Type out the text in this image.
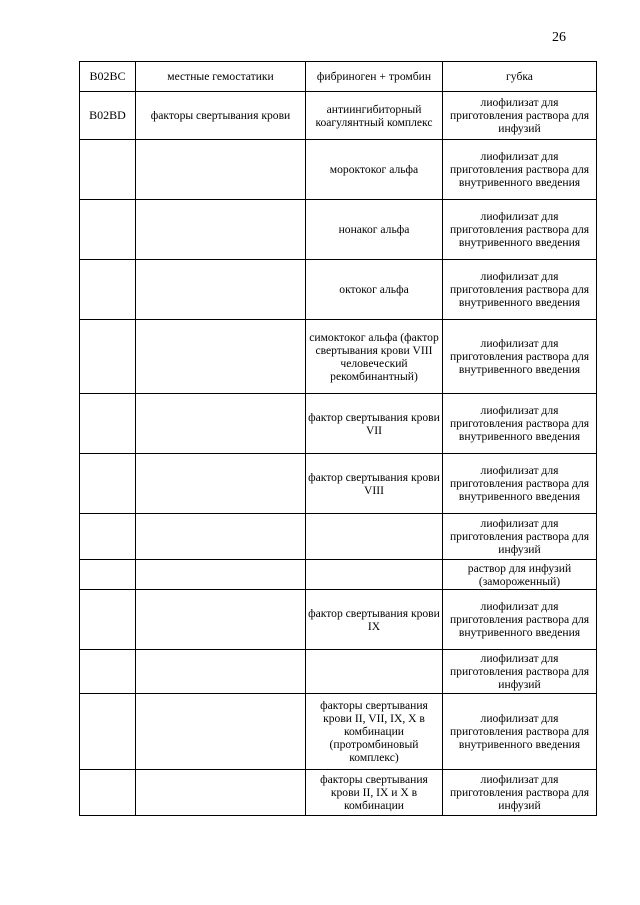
26
B02BC	местные гемостатики	фибриноген + тромбин	губка
B02BD	факторы свертывания крови	антиингибиторный коагулянтный комплекс	лиофилизат для приготовления раствора для инфузий
		мороктоког альфа	лиофилизат для приготовления раствора для внутривенного введения
		нонаког альфа	лиофилизат для приготовления раствора для внутривенного введения
		октоког альфа	лиофилизат для приготовления раствора для внутривенного введения
		симоктоког альфа (фактор свертывания крови VIII человеческий рекомбинантный)	лиофилизат для приготовления раствора для внутривенного введения
		фактор свертывания крови VII	лиофилизат для приготовления раствора для внутривенного введения
		фактор свертывания крови VIII	лиофилизат для приготовления раствора для внутривенного введения
			лиофилизат для приготовления раствора для инфузий
			раствор для инфузий (замороженный)
		фактор свертывания крови IX	лиофилизат для приготовления раствора для внутривенного введения
			лиофилизат для приготовления раствора для инфузий
		факторы свертывания крови II, VII, IX, X в комбинации (протромбиновый комплекс)	лиофилизат для приготовления раствора для внутривенного введения
		факторы свертывания крови II, IX и X в комбинации	лиофилизат для приготовления раствора для инфузий
